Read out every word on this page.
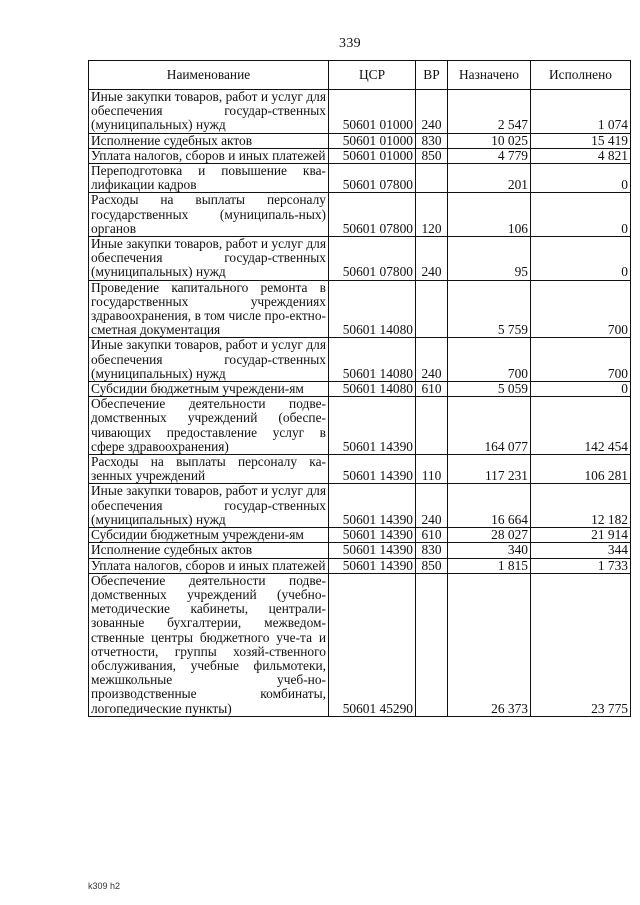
339
Наименование	ЦСР	ВР	Назначено	Исполнено
Иные закупки товаров, работ и услуг для обеспечения государ-ственных (муниципальных) нужд	50601 01000	240	2 547	1 074
Исполнение судебных актов	50601 01000	830	10 025	15 419
Уплата налогов, сборов и иных платежей	50601 01000	850	4 779	4 821
Переподготовка и повышение ква-лификации кадров	50601 07800		201	0
Расходы на выплаты персоналу государственных (муниципаль-ных) органов	50601 07800	120	106	0
Иные закупки товаров, работ и услуг для обеспечения государ-ственных (муниципальных) нужд	50601 07800	240	95	0
Проведение капитального ремонта в государственных учреждениях здравоохранения, в том числе про-ектно-сметная документация	50601 14080		5 759	700
Иные закупки товаров, работ и услуг для обеспечения государ-ственных (муниципальных) нужд	50601 14080	240	700	700
Субсидии бюджетным учреждени-ям	50601 14080	610	5 059	0
Обеспечение деятельности подве-домственных учреждений (обеспе-чивающих предоставление услуг в сфере здравоохранения)	50601 14390		164 077	142 454
Расходы на выплаты персоналу ка-зенных учреждений	50601 14390	110	117 231	106 281
Иные закупки товаров, работ и услуг для обеспечения государ-ственных (муниципальных) нужд	50601 14390	240	16 664	12 182
Субсидии бюджетным учреждени-ям	50601 14390	610	28 027	21 914
Исполнение судебных актов	50601 14390	830	340	344
Уплата налогов, сборов и иных платежей	50601 14390	850	1 815	1 733
Обеспечение деятельности подве-домственных учреждений (учебно-методические кабинеты, централи-зованные бухгалтерии, межведом-ственные центры бюджетного уче-та и отчетности, группы хозяй-ственного обслуживания, учебные фильмотеки, межшкольные учеб-но-производственные комбинаты, логопедические пункты)	50601 45290		26 373	23 775
k309 h2
